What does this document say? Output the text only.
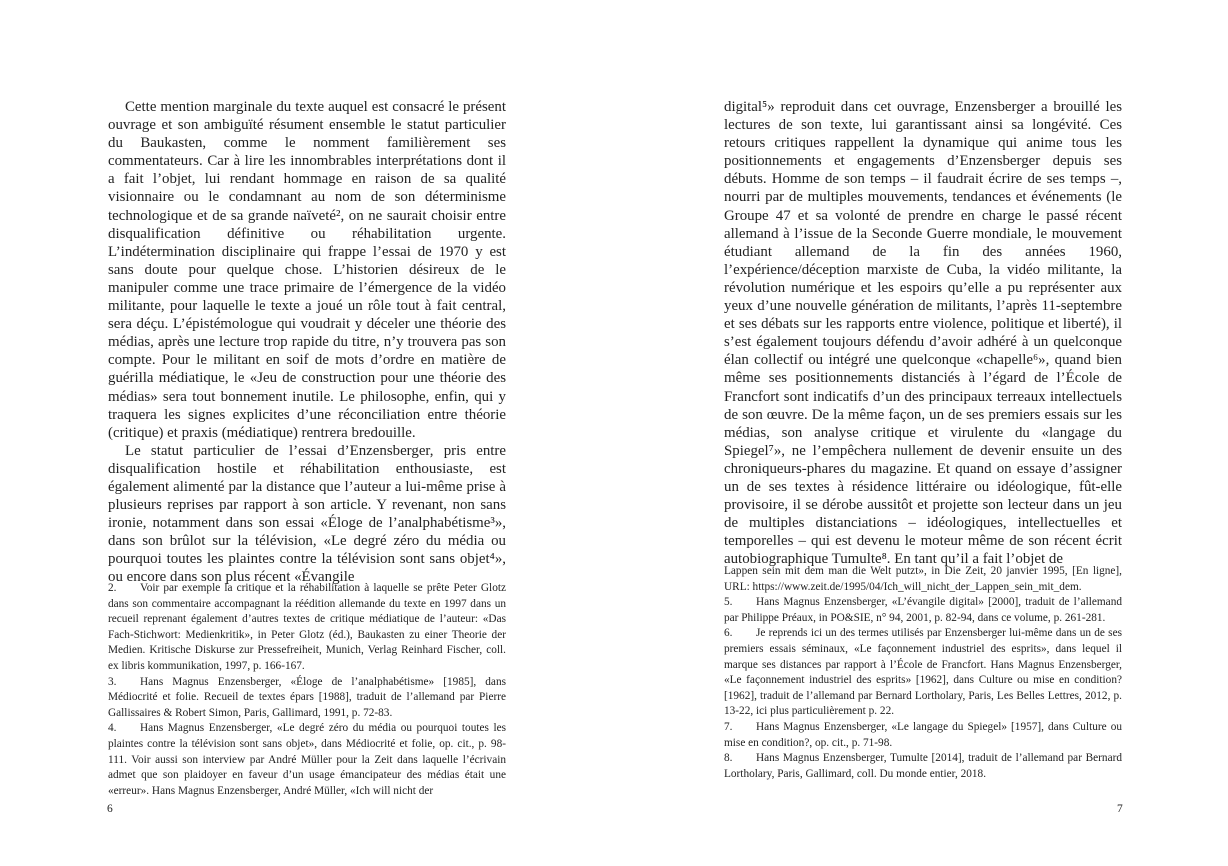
Cette mention marginale du texte auquel est consacré le présent ouvrage et son ambiguïté résument ensemble le statut particulier du Baukasten, comme le nomment familièrement ses commentateurs. Car à lire les innombrables interprétations dont il a fait l’objet, lui rendant hommage en raison de sa qualité visionnaire ou le condamnant au nom de son déterminisme technologique et de sa grande naïveté², on ne saurait choisir entre disqualification définitive ou réhabilitation urgente. L’indétermination disciplinaire qui frappe l’essai de 1970 y est sans doute pour quelque chose. L’historien désireux de le manipuler comme une trace primaire de l’émergence de la vidéo militante, pour laquelle le texte a joué un rôle tout à fait central, sera déçu. L’épistémologue qui voudrait y déceler une théorie des médias, après une lecture trop rapide du titre, n’y trouvera pas son compte. Pour le militant en soif de mots d’ordre en matière de guérilla médiatique, le «Jeu de construction pour une théorie des médias» sera tout bonnement inutile. Le philosophe, enfin, qui y traquera les signes explicites d’une réconciliation entre théorie (critique) et praxis (médiatique) rentrera bredouille.

Le statut particulier de l’essai d’Enzensberger, pris entre disqualification hostile et réhabilitation enthousiaste, est également alimenté par la distance que l’auteur a lui-même prise à plusieurs reprises par rapport à son article. Y revenant, non sans ironie, notamment dans son essai «Éloge de l’analphabétisme³», dans son brûlot sur la télévision, «Le degré zéro du média ou pourquoi toutes les plaintes contre la télévision sont sans objet⁴», ou encore dans son plus récent «Évangile

2. Voir par exemple la critique et la réhabilitation à laquelle se prête Peter Glotz dans son commentaire accompagnant la réédition allemande du texte en 1997 dans un recueil reprenant également d’autres textes de critique médiatique de l’auteur: «Das Fach-Stichwort: Medienkritik», in Peter Glotz (éd.), Baukasten zu einer Theorie der Medien. Kritische Diskurse zur Pressefreiheit, Munich, Verlag Reinhard Fischer, coll. ex libris kommunikation, 1997, p. 166-167.

3. Hans Magnus Enzensberger, «Éloge de l’analphabétisme» [1985], dans Médiocrité et folie. Recueil de textes épars [1988], traduit de l’allemand par Pierre Gallissaires & Robert Simon, Paris, Gallimard, 1991, p. 72-83.

4. Hans Magnus Enzensberger, «Le degré zéro du média ou pourquoi toutes les plaintes contre la télévision sont sans objet», dans Médiocrité et folie, op. cit., p. 98-111. Voir aussi son interview par André Müller pour la Zeit dans laquelle l’écrivain admet que son plaidoyer en faveur d’un usage émancipateur des médias était une «erreur». Hans Magnus Enzensberger, André Müller, «Ich will nicht der

6

digital⁵» reproduit dans cet ouvrage, Enzensberger a brouillé les lectures de son texte, lui garantissant ainsi sa longévité. Ces retours critiques rappellent la dynamique qui anime tous les positionnements et engagements d’Enzensberger depuis ses débuts. Homme de son temps – il faudrait écrire de ses temps –, nourri par de multiples mouvements, tendances et événements (le Groupe 47 et sa volonté de prendre en charge le passé récent allemand à l’issue de la Seconde Guerre mondiale, le mouvement étudiant allemand de la fin des années 1960, l’expérience/déception marxiste de Cuba, la vidéo militante, la révolution numérique et les espoirs qu’elle a pu représenter aux yeux d’une nouvelle génération de militants, l’après 11-septembre et ses débats sur les rapports entre violence, politique et liberté), il s’est également toujours défendu d’avoir adhéré à un quelconque élan collectif ou intégré une quelconque «chapelle⁶», quand bien même ses positionnements distanciés à l’égard de l’École de Francfort sont indicatifs d’un des principaux terreaux intellectuels de son œuvre. De la même façon, un de ses premiers essais sur les médias, son analyse critique et virulente du «langage du Spiegel⁷», ne l’empêchera nullement de devenir ensuite un des chroniqueurs-phares du magazine. Et quand on essaye d’assigner un de ses textes à résidence littéraire ou idéologique, fût-elle provisoire, il se dérobe aussitôt et projette son lecteur dans un jeu de multiples distanciations – idéologiques, intellectuelles et temporelles – qui est devenu le moteur même de son récent écrit autobiographique Tumulte⁸. En tant qu’il a fait l’objet de

Lappen sein mit dem man die Welt putzt», in Die Zeit, 20 janvier 1995, [En ligne], URL: https://www.zeit.de/1995/04/Ich_will_nicht_der_Lappen_sein_mit_dem.

5. Hans Magnus Enzensberger, «L’évangile digital» [2000], traduit de l’allemand par Philippe Préaux, in PO&SIE, n° 94, 2001, p. 82-94, dans ce volume, p. 261-281.

6. Je reprends ici un des termes utilisés par Enzensberger lui-même dans un de ses premiers essais séminaux, «Le façonnement industriel des esprits», dans lequel il marque ses distances par rapport à l’École de Francfort. Hans Magnus Enzensberger, «Le façonnement industriel des esprits» [1962], dans Culture ou mise en condition? [1962], traduit de l’allemand par Bernard Lortholary, Paris, Les Belles Lettres, 2012, p. 13-22, ici plus particulièrement p. 22.

7. Hans Magnus Enzensberger, «Le langage du Spiegel» [1957], dans Culture ou mise en condition?, op. cit., p. 71-98.

8. Hans Magnus Enzensberger, Tumulte [2014], traduit de l’allemand par Bernard Lortholary, Paris, Gallimard, coll. Du monde entier, 2018.

7
